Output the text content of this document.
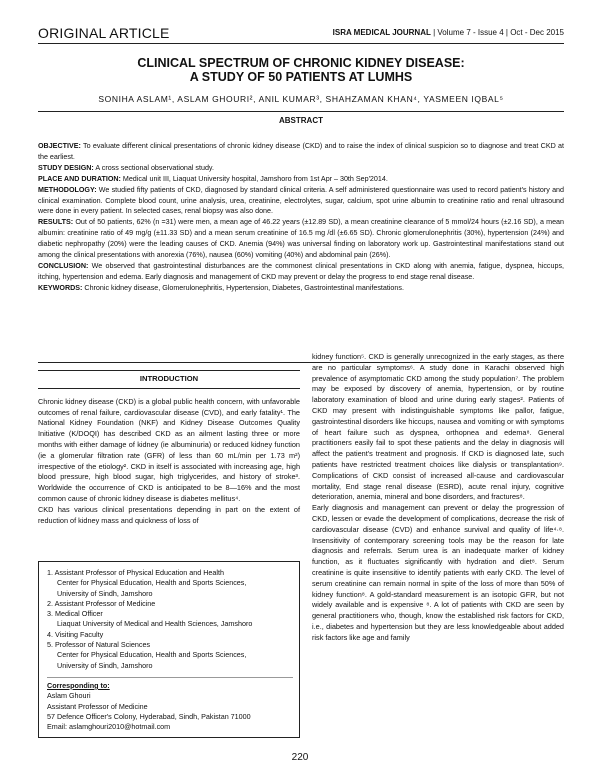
ORIGINAL ARTICLE	ISRA MEDICAL JOURNAL | Volume 7 - Issue 4 | Oct - Dec 2015
CLINICAL SPECTRUM OF CHRONIC KIDNEY DISEASE:
A STUDY OF 50 PATIENTS AT LUMHS
SONIHA ASLAM¹, ASLAM GHOURI², ANIL KUMAR³, SHAHZAMAN KHAN⁴, YASMEEN IQBAL⁵
ABSTRACT

OBJECTIVE: To evaluate different clinical presentations of chronic kidney disease (CKD) and to raise the index of clinical suspicion so to diagnose and treat CKD at the earliest.

STUDY DESIGN: A cross sectional observational study.

PLACE AND DURATION: Medical unit III, Liaquat University hospital, Jamshoro from 1st Apr – 30th Sep'2014.

METHODOLOGY: We studied fifty patients of CKD, diagnosed by standard clinical criteria. A self administered questionnaire was used to record patient's history and clinical examination. Complete blood count, urine analysis, urea, creatinine, electrolytes, sugar, calcium, spot urine albumin to creatinine ratio and renal ultrasound were done in every patient. In selected cases, renal biopsy was also done.

RESULTS: Out of 50 patients, 62% (n =31) were men, a mean age of 46.22 years (±12.89 SD), a mean creatinine clearance of 5 mmol/24 hours (±2.16 SD), a mean albumin: creatinine ratio of 49 mg/g (±11.33 SD) and a mean serum creatinine of 16.5 mg /dl (±6.65 SD). Chronic glomerulonephritis (30%), hypertension (24%) and diabetic nephropathy (20%) were the leading causes of CKD. Anemia (94%) was universal finding on laboratory work up. Gastrointestinal manifestations stand out among the clinical presentations with anorexia (76%), nausea (60%) vomiting (40%) and abdominal pain (26%).

CONCLUSION: We observed that gastrointestinal disturbances are the commonest clinical presentations in CKD along with anemia, fatigue, dyspnea, hiccups, itching, hypertension and edema. Early diagnosis and management of CKD may prevent or delay the progress to end stage renal disease.

KEYWORDS: Chronic kidney disease, Glomerulonephritis, Hypertension, Diabetes, Gastrointestinal manifestations.

INTRODUCTION

Chronic kidney disease (CKD) is a global public health concern, with unfavorable outcomes of renal failure, cardiovascular disease (CVD), and early fatality¹. The National Kidney Foundation (NKF) and Kidney Disease Outcomes Quality Initiative (K/DOQI) has described CKD as an ailment lasting three or more months with either damage of kidney (ie albuminuria) or reduced kidney function (ie a glomerular filtration rate (GFR) of less than 60 mL/min per 1.73 m²) irrespective of the etiology². CKD in itself is associated with increasing age, high blood pressure, high blood sugar, high triglycerides, and history of stroke³. Worldwide the occurrence of CKD is anticipated to be 8—16% and the most common cause of chronic kidney disease is diabetes mellitus⁴.

CKD has various clinical presentations depending in part on the extent of reduction of kidney mass and quickness of loss of

1. Assistant Professor of Physical Education and Health

Center for Physical Education, Health and Sports Sciences,

University of Sindh, Jamshoro

2. Assistant Professor of Medicine

3. Medical Officer

Liaquat University of Medical and Health Sciences, Jamshoro

4. Visiting Faculty

5. Professor of Natural Sciences

Center for Physical Education, Health and Sports Sciences,

University of Sindh, Jamshoro

Corresponding to:

Aslam Ghouri

Assistant Professor of Medicine

57 Defence Officer's Colony, Hyderabad, Sindh, Pakistan 71000

Email: aslamghouri2010@hotmail.com

kidney function⁵. CKD is generally unrecognized in the early stages, as there are no particular symptoms⁶. A study done in Karachi observed high prevalence of asymptomatic CKD among the study population⁷. The problem may be exposed by discovery of anemia, hypertension, or by routine laboratory examination of blood and urine during early stages². Patients of CKD may present with indistinguishable symptoms like pallor, fatigue, gastrointestinal disorders like hiccups, nausea and vomiting or with symptoms of heart failure such as dyspnea, orthopnea and edema⁸. General practitioners easily fail to spot these patients and the delay in diagnosis will affect the patient's treatment and prognosis. If CKD is diagnosed late, such patients have restricted treatment choices like dialysis or transplantation⁹. Complications of CKD consist of increased all-cause and cardiovascular mortality, End stage renal disease (ESRD), acute renal injury, cognitive deterioration, anemia, mineral and bone disorders, and fractures⁸.

Early diagnosis and management can prevent or delay the progression of CKD, lessen or evade the development of complications, decrease the risk of cardiovascular disease (CVD) and enhance survival and quality of life⁴·⁸. Insensitivity of contemporary screening tools may be the reason for late diagnosis and referrals. Serum urea is an inadequate marker of kidney function, as it fluctuates significantly with hydration and diet⁸. Serum creatinine is quite insensitive to identify patients with early CKD. The level of serum creatinine can remain normal in spite of the loss of more than 50% of kidney function⁸. A gold-standard measurement is an isotopic GFR, but not widely available and is expensive ⁸. A lot of patients with CKD are seen by general practitioners who, though, know the established risk factors for CKD, i.e., diabetes and hypertension but they are less knowledgeable about added risk factors like age and family

220
